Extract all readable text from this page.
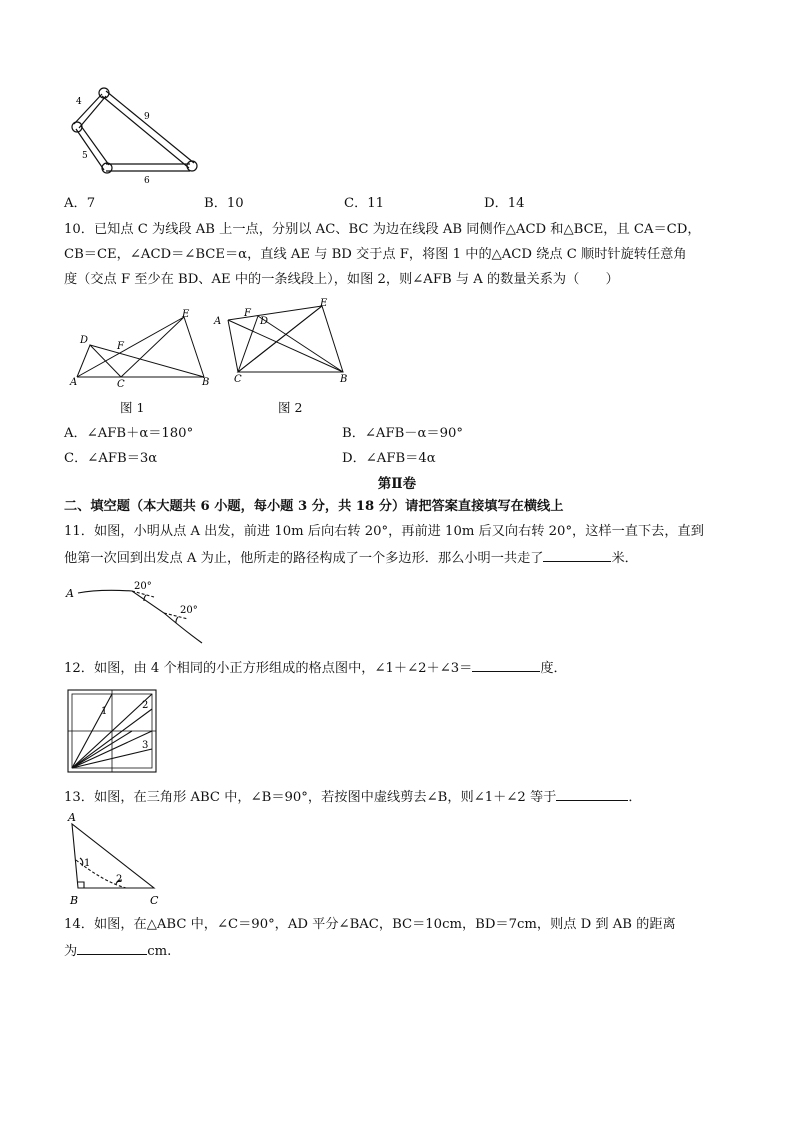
4
9
5
6
A．7	B．10	C．11	D．14
10．已知点 C 为线段 AB 上一点，分别以 AC、BC 为边在线段 AB 同侧作△ACD 和△BCE，且 CA＝CD，
CB＝CE，∠ACD＝∠BCE＝α，直线 AE 与 BD 交于点 F，将图 1 中的△ACD 绕点 C 顺时针旋转任意角
度（交点 F 至少在 BD、AE 中的一条线段上），如图 2，则∠AFB 与 A 的数量关系为（　　）
A	B
C
D
E
F
图 1
A
B
C
D
E
F
图 2
A．∠AFB＋α＝180°	B．∠AFB－α＝90°
C．∠AFB＝3α	D．∠AFB＝4α
第Ⅱ卷
二、填空题（本大题共 6 小题，每小题 3 分，共 18 分）请把答案直接填写在横线上
11．如图，小明从点 A 出发，前进 10m 后向右转 20°，再前进 10m 后又向右转 20°，这样一直下去，直到
他第一次回到出发点 A 为止，他所走的路径构成了一个多边形．那么小明一共走了	米．
A
20°
20°
12．如图，由 4 个相同的小正方形组成的格点图中，∠1＋∠2＋∠3＝	度．
1
2
3
13．如图，在三角形 ABC 中，∠B＝90°，若按图中虚线剪去∠B，则∠1＋∠2 等于	．
A
B	C
1
2
14．如图，在△ABC 中，∠C＝90°，AD 平分∠BAC，BC＝10cm，BD＝7cm，则点 D 到 AB 的距离
为	cm.
